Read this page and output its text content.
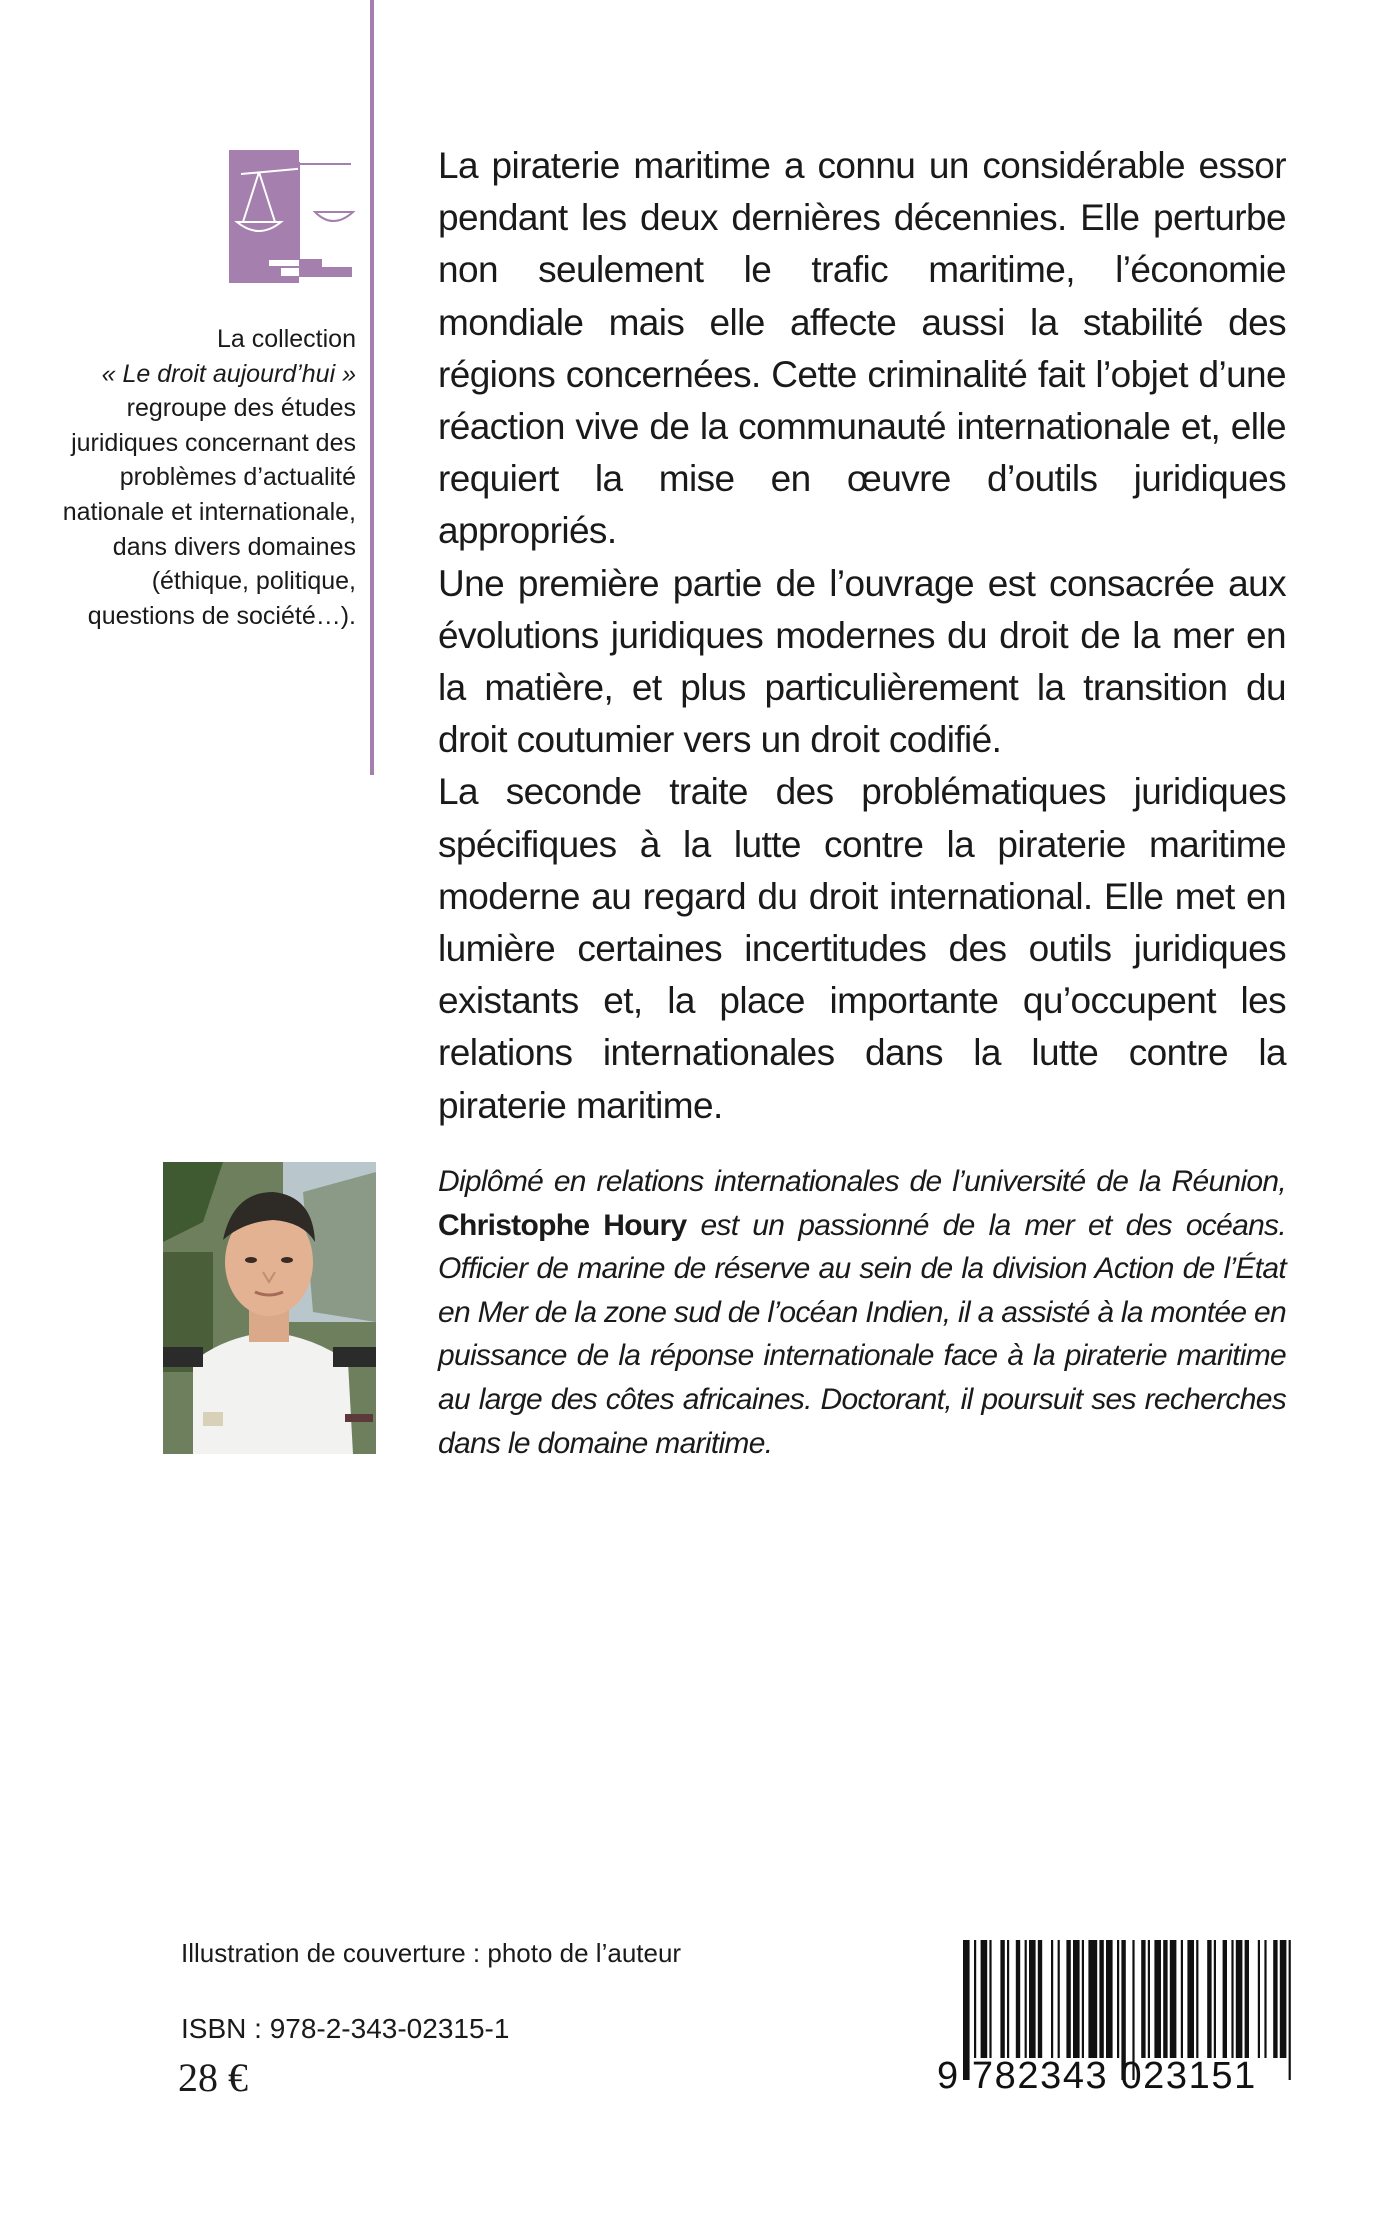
La collection
« Le droit aujourd’hui » regroupe des études juridiques concernant des problèmes d’actualité nationale et internationale, dans divers domaines (éthique, politique, questions de société…).

La piraterie maritime a connu un considérable essor pendant les deux dernières décennies. Elle perturbe non seulement le trafic maritime, l’économie mondiale mais elle affecte aussi la stabilité des régions concernées. Cette criminalité fait l’objet d’une réaction vive de la communauté internationale et, elle requiert la mise en œuvre d’outils juridiques appropriés.

Une première partie de l’ouvrage est consacrée aux évolutions juridiques modernes du droit de la mer en la matière, et plus particulièrement la transition du droit coutumier vers un droit codifié.

La seconde traite des problématiques juridiques spécifiques à la lutte contre la piraterie maritime moderne au regard du droit international. Elle met en lumière certaines incertitudes des outils juridiques existants et, la place importante qu’occupent les relations internationales dans la lutte contre la piraterie maritime.

Diplômé en relations internationales de l’université de la Réunion, Christophe Houry est un passionné de la mer et des océans. Officier de marine de réserve au sein de la division Action de l’État en Mer de la zone sud de l’océan Indien, il a assisté à la montée en puissance de la réponse internationale face à la piraterie maritime au large des côtes africaines. Doctorant, il poursuit ses recherches dans le domaine maritime.

Illustration de couverture : photo de l’auteur
ISBN : 978-2-343-02315-1
28 €	9 782343 023151
